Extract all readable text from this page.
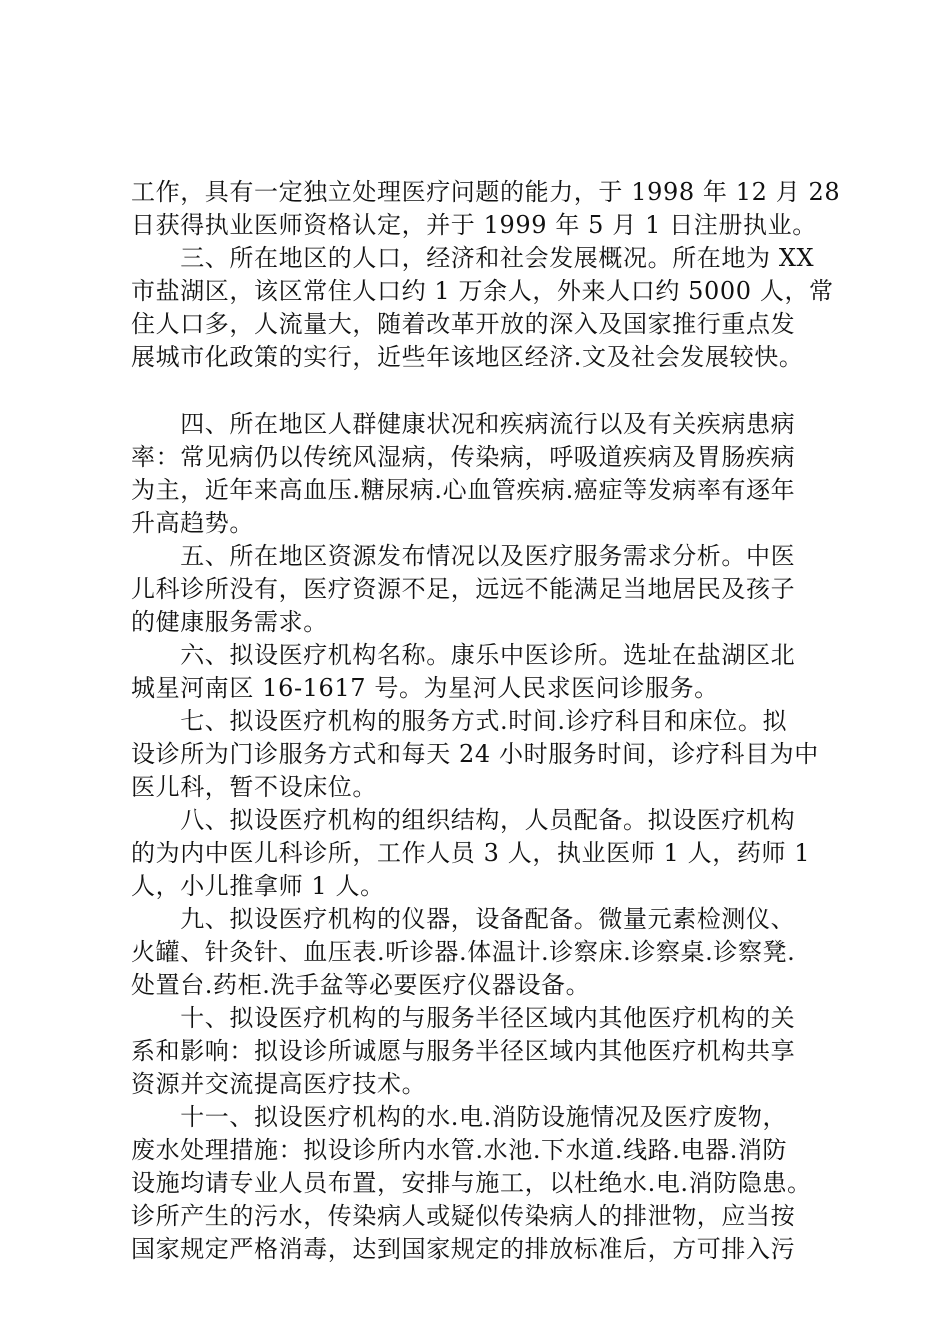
工作，具有一定独立处理医疗问题的能力，于 1998 年 12 月 28
日获得执业医师资格认定，并于 1999 年 5 月 1 日注册执业。
　　三、所在地区的人口，经济和社会发展概况。所在地为 XX
市盐湖区，该区常住人口约 1 万余人，外来人口约 5000 人，常
住人口多，人流量大，随着改革开放的深入及国家推行重点发
展城市化政策的实行，近些年该地区经济.文及社会发展较快。
　　四、所在地区人群健康状况和疾病流行以及有关疾病患病
率：常见病仍以传统风湿病，传染病，呼吸道疾病及胃肠疾病
为主，近年来高血压.糖尿病.心血管疾病.癌症等发病率有逐年
升高趋势。
　　五、所在地区资源发布情况以及医疗服务需求分析。中医
儿科诊所没有，医疗资源不足，远远不能满足当地居民及孩子
的健康服务需求。
　　六、拟设医疗机构名称。康乐中医诊所。选址在盐湖区北
城星河南区 16-1617 号。为星河人民求医问诊服务。
　　七、拟设医疗机构的服务方式.时间.诊疗科目和床位。拟
设诊所为门诊服务方式和每天 24 小时服务时间，诊疗科目为中
医儿科，暂不设床位。
　　八、拟设医疗机构的组织结构，人员配备。拟设医疗机构
的为内中医儿科诊所，工作人员 3 人，执业医师 1 人，药师 1
人，小儿推拿师 1 人。
　　九、拟设医疗机构的仪器，设备配备。微量元素检测仪、
火罐、针灸针、血压表.听诊器.体温计.诊察床.诊察桌.诊察凳.
处置台.药柜.洗手盆等必要医疗仪器设备。
　　十、拟设医疗机构的与服务半径区域内其他医疗机构的关
系和影响：拟设诊所诚愿与服务半径区域内其他医疗机构共享
资源并交流提高医疗技术。
　　十一、拟设医疗机构的水.电.消防设施情况及医疗废物，
废水处理措施：拟设诊所内水管.水池.下水道.线路.电器.消防
设施均请专业人员布置，安排与施工，以杜绝水.电.消防隐患。
诊所产生的污水，传染病人或疑似传染病人的排泄物，应当按
国家规定严格消毒，达到国家规定的排放标准后，方可排入污
